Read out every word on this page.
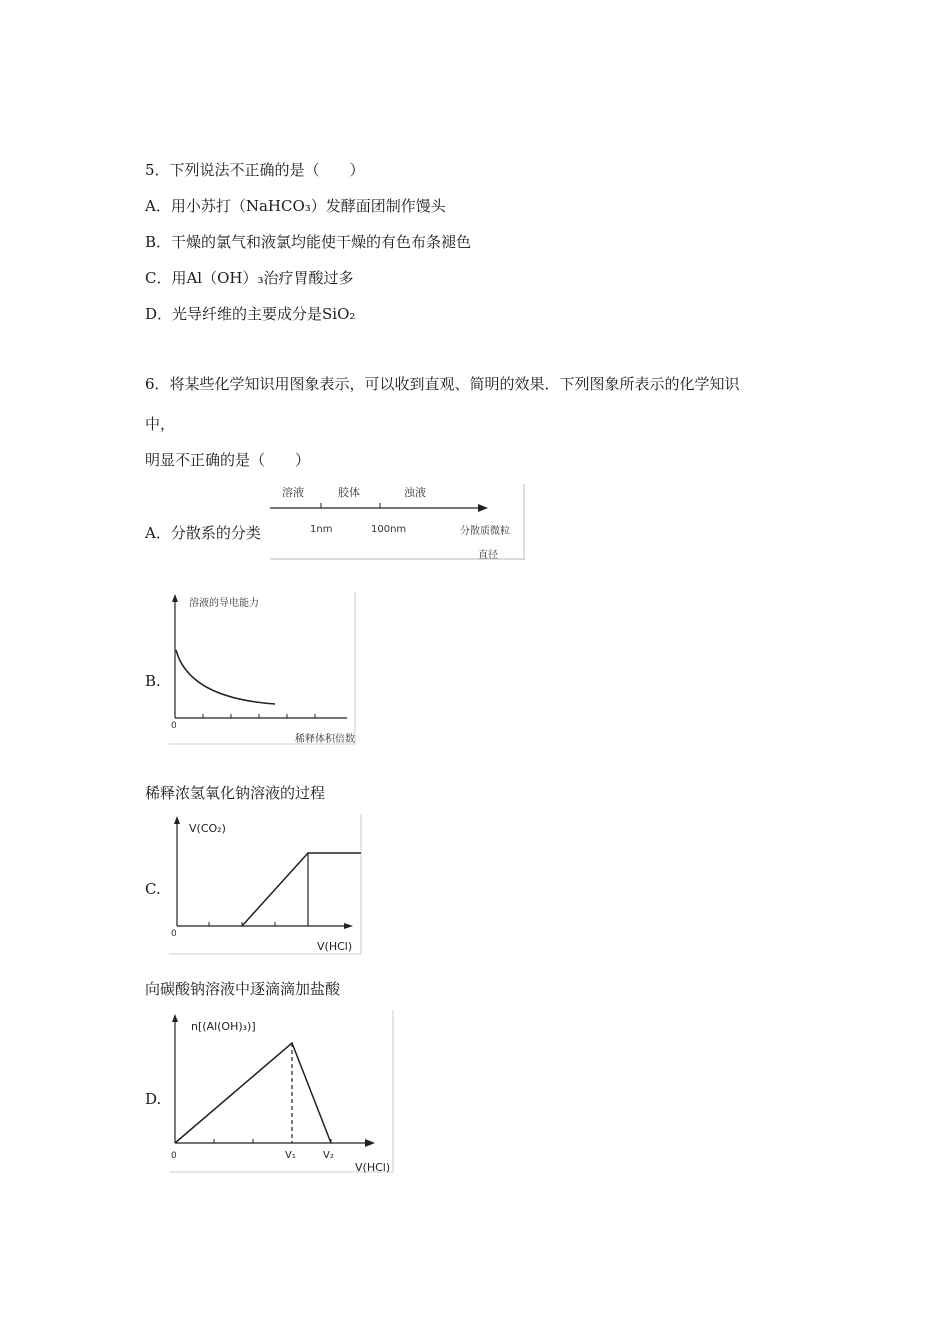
5．下列说法不正确的是（　　）
A．用小苏打（NaHCO₃）发酵面团制作馒头
B．干燥的氯气和液氯均能使干燥的有色布条褪色
C．用Al（OH）₃治疗胃酸过多
D．光导纤维的主要成分是SiO₂
6．将某些化学知识用图象表示，可以收到直观、简明的效果．下列图象所表示的化学知识
中，
明显不正确的是（　　）
A．分散系的分类
溶液	胶体	浊液
1nm	100nm	分散质微粒
直径
B.
溶液的导电能力
0
稀释体积倍数
稀释浓氢氧化钠溶液的过程
C.
V(CO₂)
0
V(HCl)
向碳酸钠溶液中逐滴滴加盐酸
D.
n[(Al(OH)₃)]
0	V₁	V₂
V(HCl)
